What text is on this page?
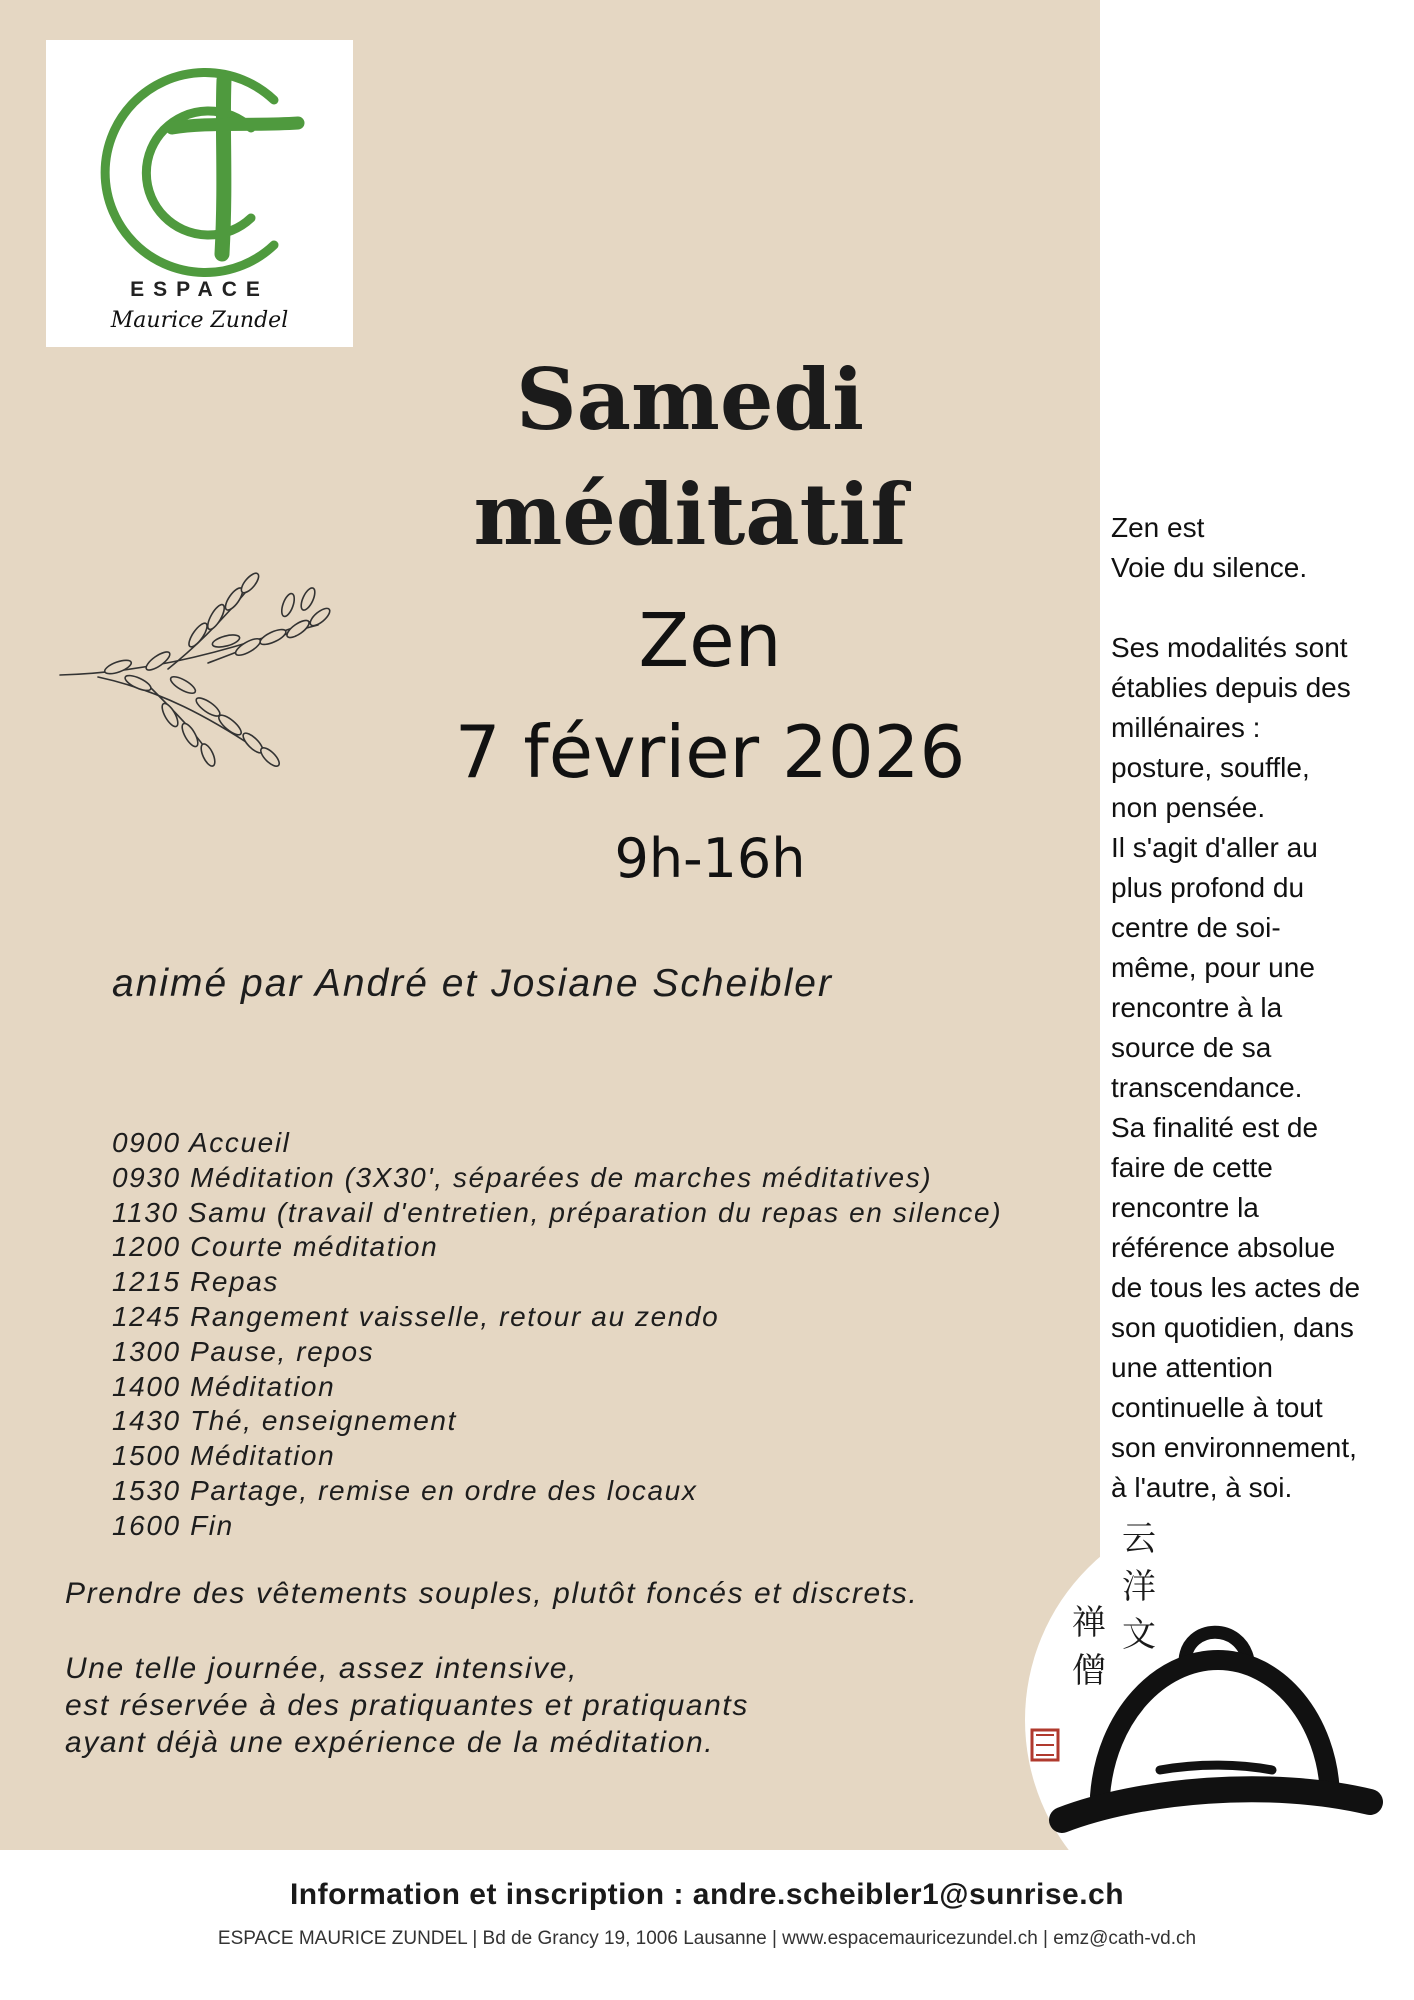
ESPACE
Maurice Zundel
Samedi
méditatif

Zen

7 février 2026

9h-16h

animé par André et Josiane Scheibler

0900 Accueil
0930 Méditation (3X30', séparées de marches méditatives)
1130 Samu (travail d'entretien, préparation du repas en silence)
1200 Courte méditation
1215 Repas
1245 Rangement vaisselle, retour au zendo
1300 Pause, repos
1400 Méditation
1430 Thé, enseignement
1500 Méditation
1530 Partage, remise en ordre des locaux
1600 Fin

Prendre des vêtements souples, plutôt foncés et discrets.

Une telle journée, assez intensive,
est réservée à des pratiquantes et pratiquants
ayant déjà une expérience de la méditation.

Zen est

Voie du silence.

Ses modalités sont

établies depuis des

millénaires :

posture, souffle,

non pensée.

Il s'agit d'aller au

plus profond du

centre de soi-

même, pour une

rencontre à la

source de sa

transcendance.

Sa finalité est de

faire de cette

rencontre la

référence absolue

de tous les actes de

son quotidien, dans

une attention

continuelle à tout

son environnement,

à l'autre, à soi.

云
洋
文
禅
僧

Information et inscription : andre.scheibler1@sunrise.ch

ESPACE MAURICE ZUNDEL | Bd de Grancy 19, 1006 Lausanne | www.espacemauricezundel.ch | emz@cath-vd.ch
